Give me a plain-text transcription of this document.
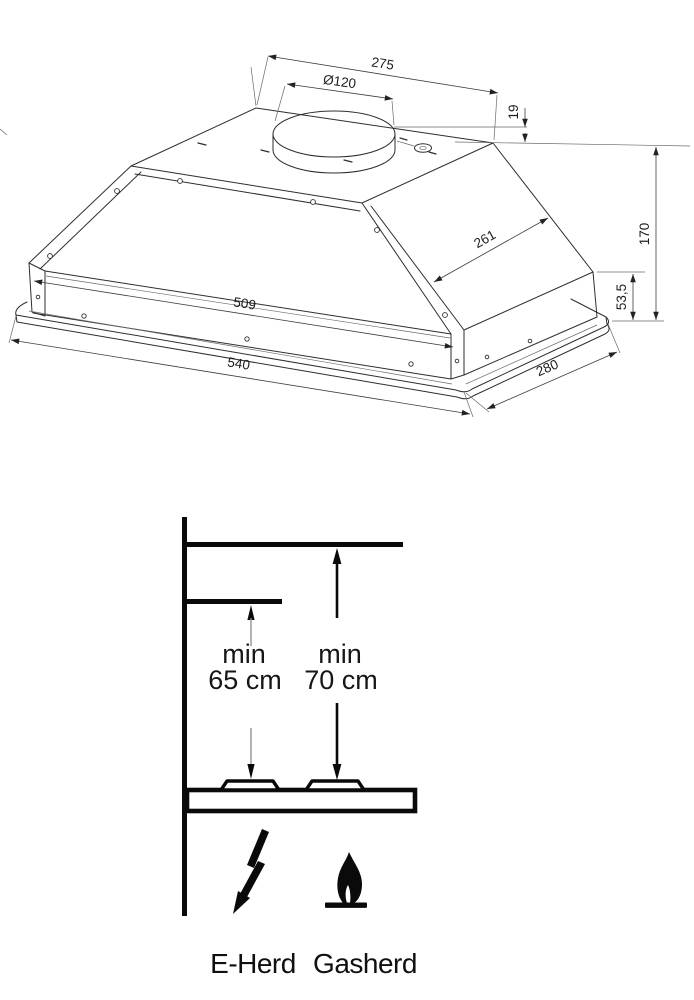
275
Ø120
19
170
53,5
261
509
540	280
min
65 cm
min
70 cm
E-Herd Gasherd
